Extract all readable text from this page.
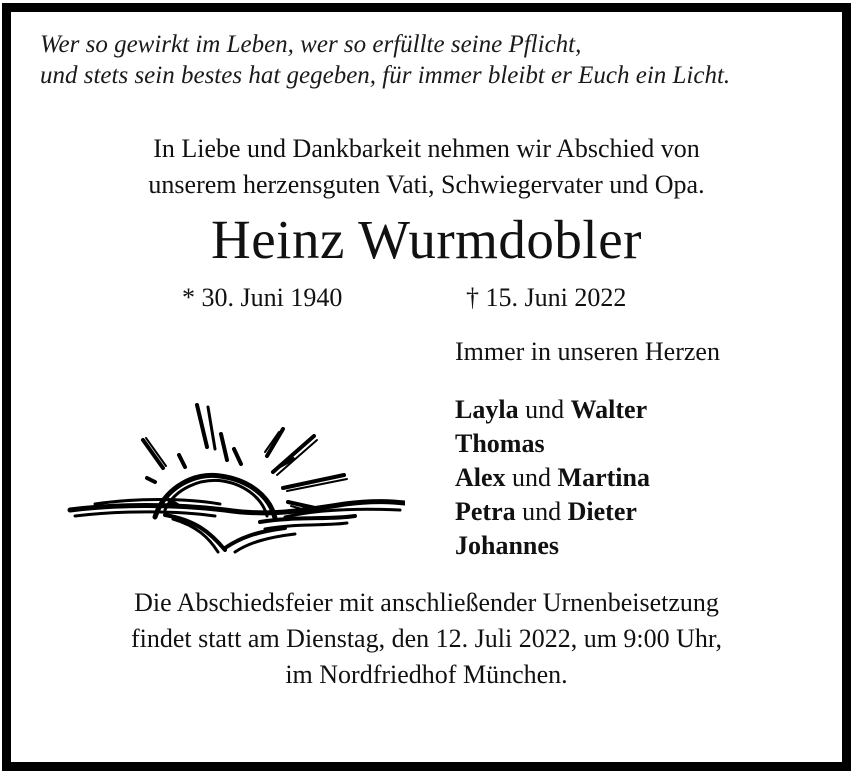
Wer so gewirkt im Leben, wer so erfüllte seine Pflicht,
und stets sein bestes hat gegeben, für immer bleibt er Euch ein Licht.
In Liebe und Dankbarkeit nehmen wir Abschied von
unserem herzensguten Vati, Schwiegervater und Opa.
Heinz Wurmdobler
* 30. Juni 1940	† 15. Juni 2022
Immer in unseren Herzen
Layla und Walter
Thomas
Alex und Martina
Petra und Dieter
Johannes
Die Abschiedsfeier mit anschließender Urnenbeisetzung
findet statt am Dienstag, den 12. Juli 2022, um 9:00 Uhr,
im Nordfriedhof München.
